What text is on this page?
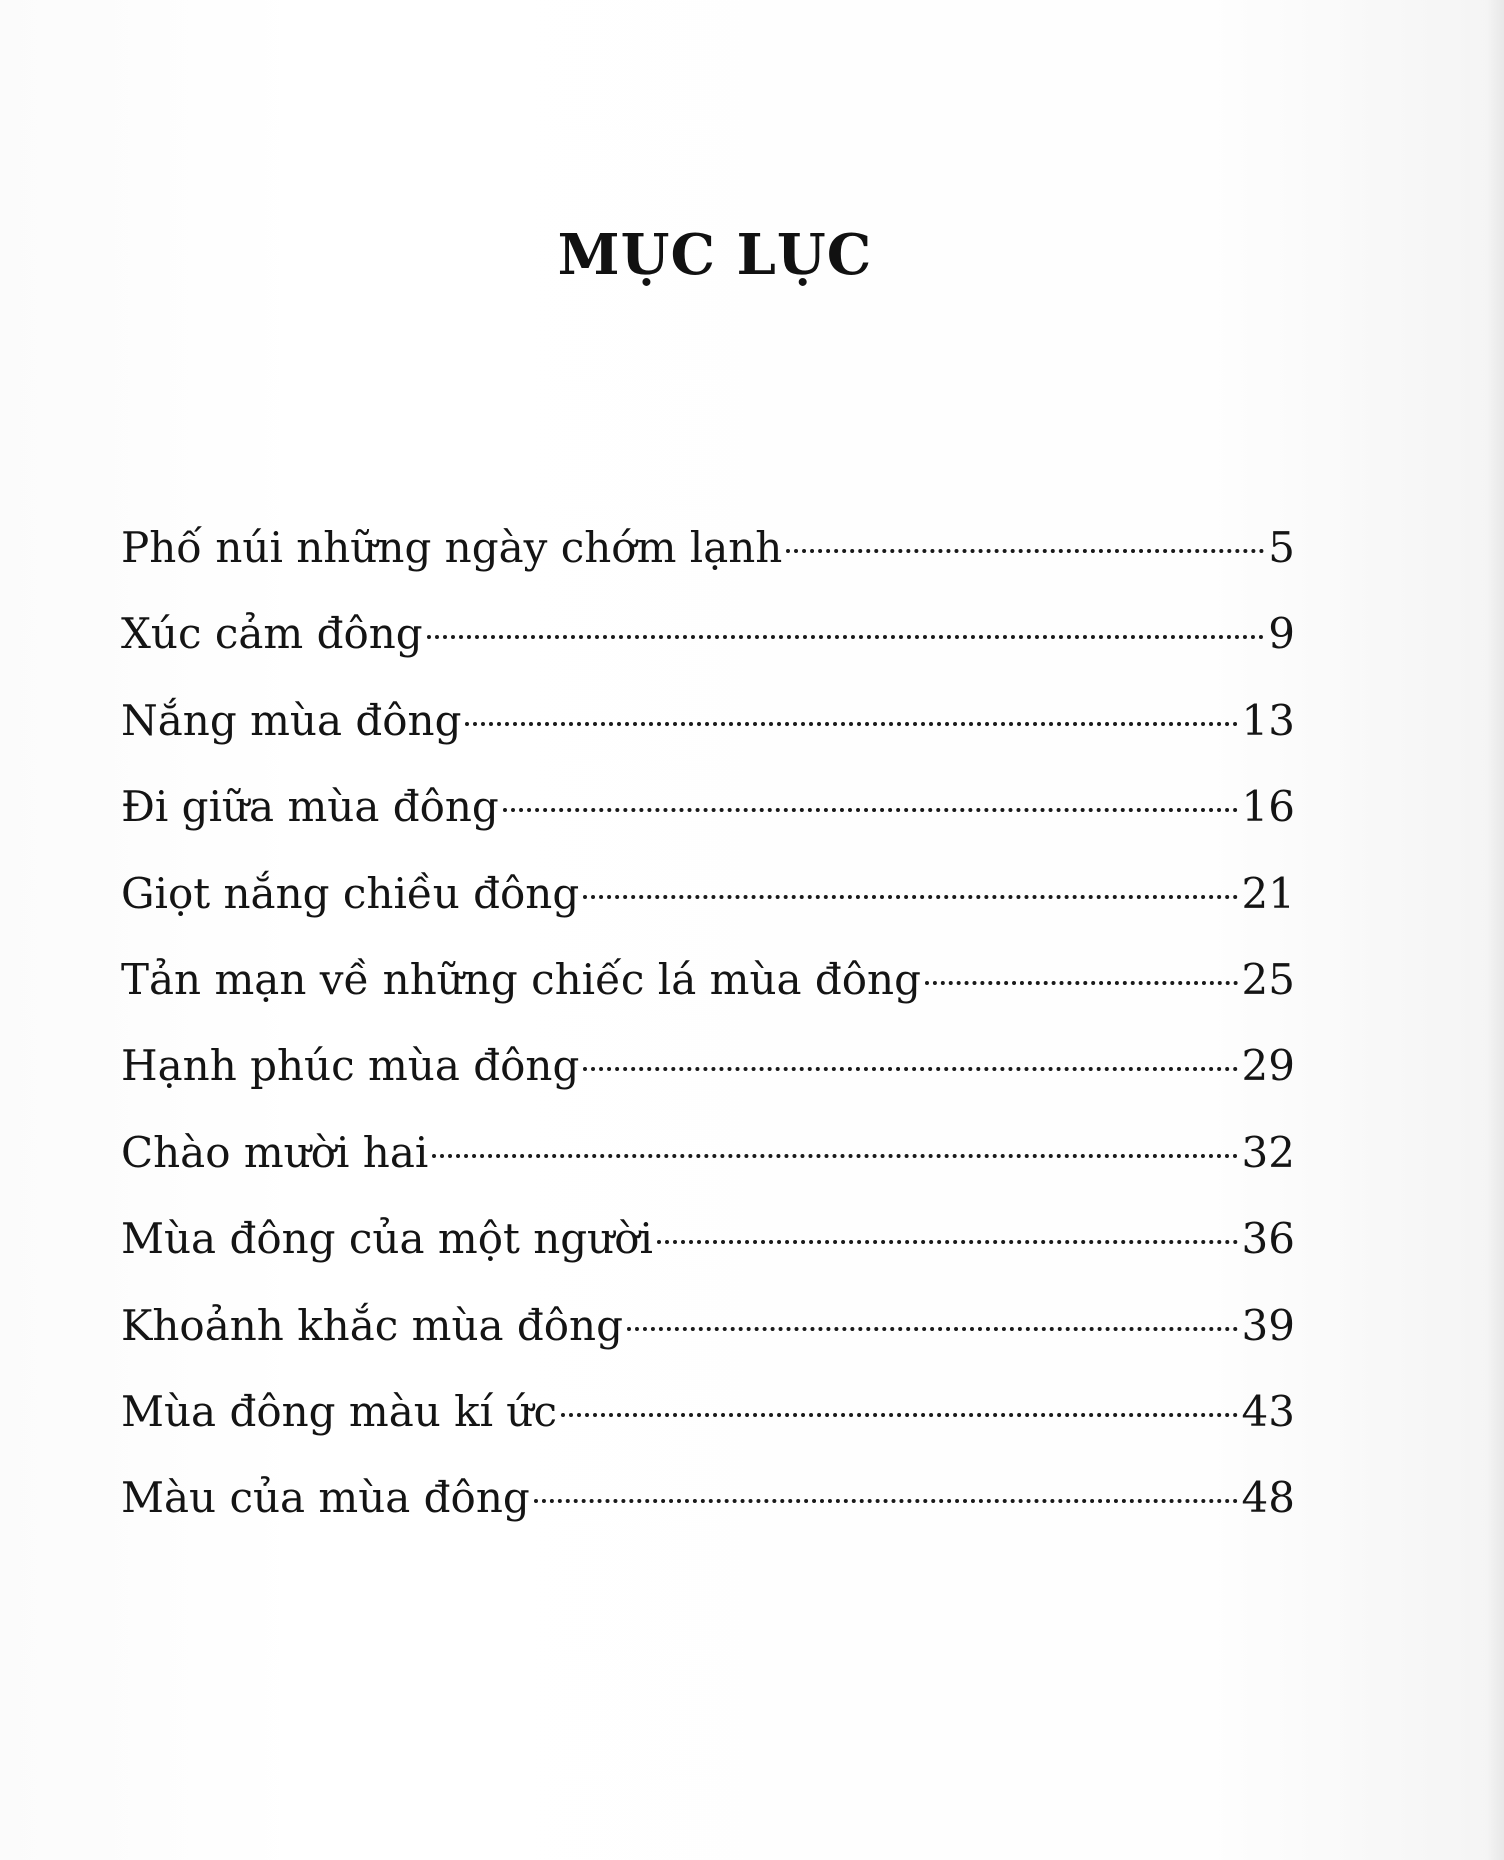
MỤC LỤC
Phố núi những ngày chớm lạnh	5
Xúc cảm đông	9
Nắng mùa đông	13
Đi giữa mùa đông	16
Giọt nắng chiều đông	21
Tản mạn về những chiếc lá mùa đông	25
Hạnh phúc mùa đông	29
Chào mười hai	32
Mùa đông của một người	36
Khoảnh khắc mùa đông	39
Mùa đông màu kí ức	43
Màu của mùa đông	48
